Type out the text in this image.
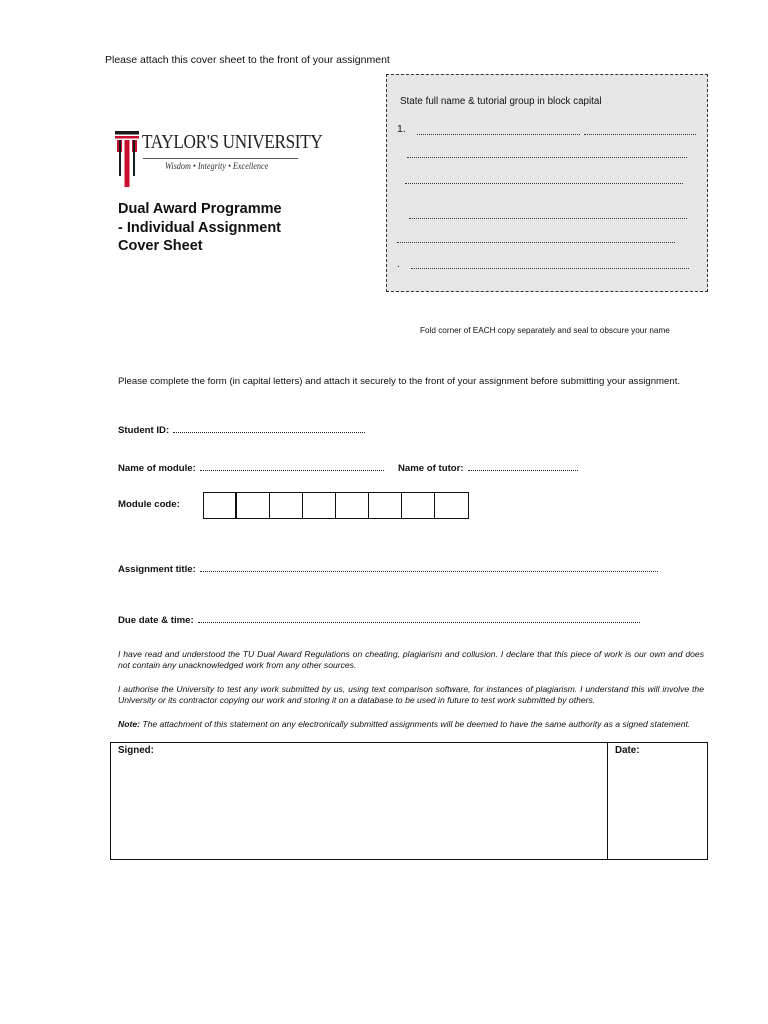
Please attach this cover sheet to the front of your assignment
TAYLOR'S UNIVERSITY
Wisdom • Integrity • Excellence
Dual Award Programme
- Individual Assignment
Cover Sheet
State full name & tutorial group in block capital
1.
.
Fold corner of EACH copy separately and seal to obscure your name
Please complete the form (in capital letters) and attach it securely to the front of your assignment before submitting your assignment.
Student ID:
Name of module:	Name of tutor:
Module code:
Assignment title:
Due date & time:
I have read and understood the TU Dual Award Regulations on cheating, plagiarism and collusion. I declare that this piece of work is our own and does not contain any unacknowledged work from any other sources.
I authorise the University to test any work submitted by us, using text comparison software, for instances of plagiarism. I understand this will involve the University or its contractor copying our work and storing it on a database to be used in future to test work submitted by others.
Note: The attachment of this statement on any electronically submitted assignments will be deemed to have the same authority as a signed statement.
Signed:	Date:
